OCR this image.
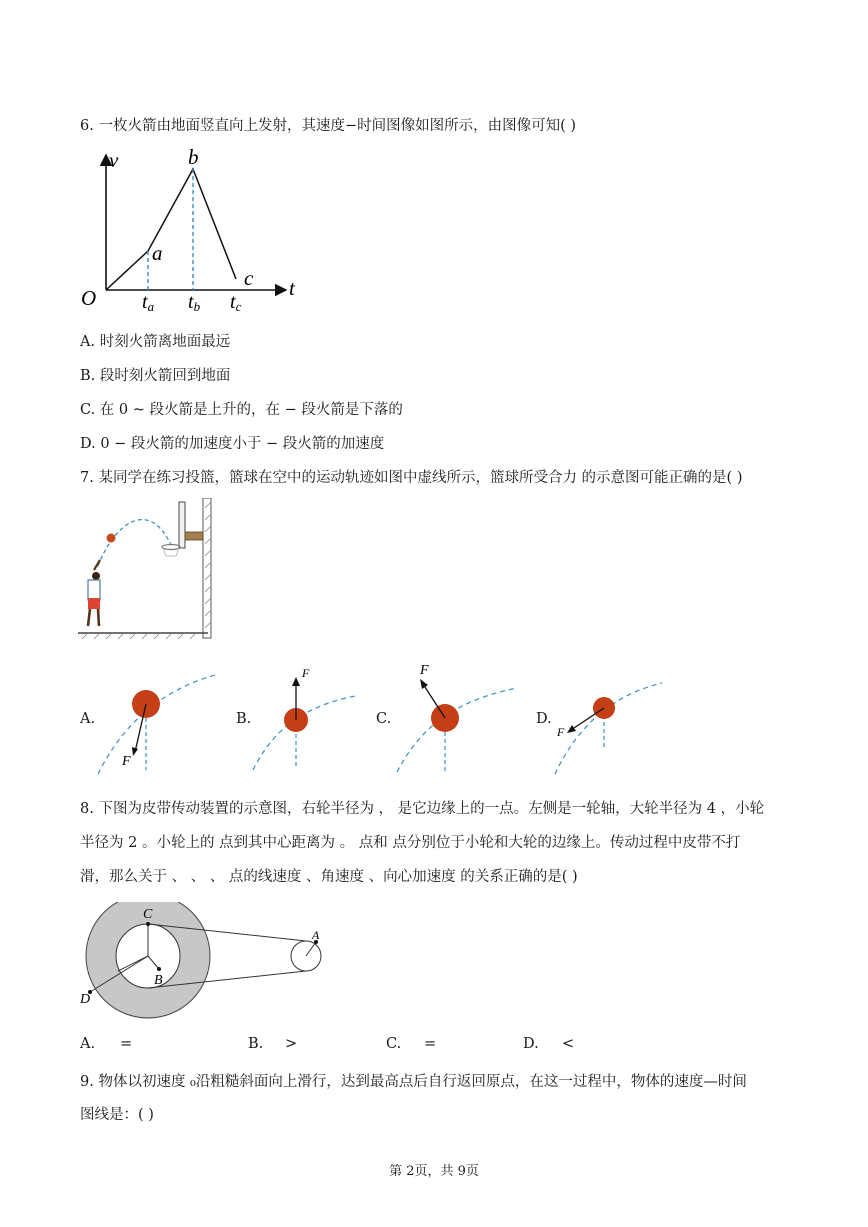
6. 一枚火箭由地面竖直向上发射，其速度−时间图像如图所示，由图像可知( )
v
t
O
a
b
c
ta tb tc
A. 时刻火箭离地面最远
B. 段时刻火箭回到地面
C. 在 0 ~ 段火箭是上升的，在 − 段火箭是下落的
D. 0 − 段火箭的加速度小于 − 段火箭的加速度
7. 某同学在练习投篮，篮球在空中的运动轨迹如图中虚线所示，篮球所受合力 的示意图可能正确的是( )
A.
F
B.
F
C.
F
D.
F
8. 下图为皮带传动装置的示意图，右轮半径为 ， 是它边缘上的一点。左侧是一轮轴，大轮半径为 4 ，小轮
半径为 2 。小轮上的 点到其中心距离为 。 点和 点分别位于小轮和大轮的边缘上。传动过程中皮带不打
滑，那么关于 、 、 、 点的线速度 、角速度 、向心加速度 的关系正确的是( )
C
B
D
A
A. =	B. >	C. =	D. <
9. 物体以初速度 ₀沿粗糙斜面向上滑行，达到最高点后自行返回原点，在这一过程中，物体的速度—时间
图线是：( )
第 2页，共 9页
